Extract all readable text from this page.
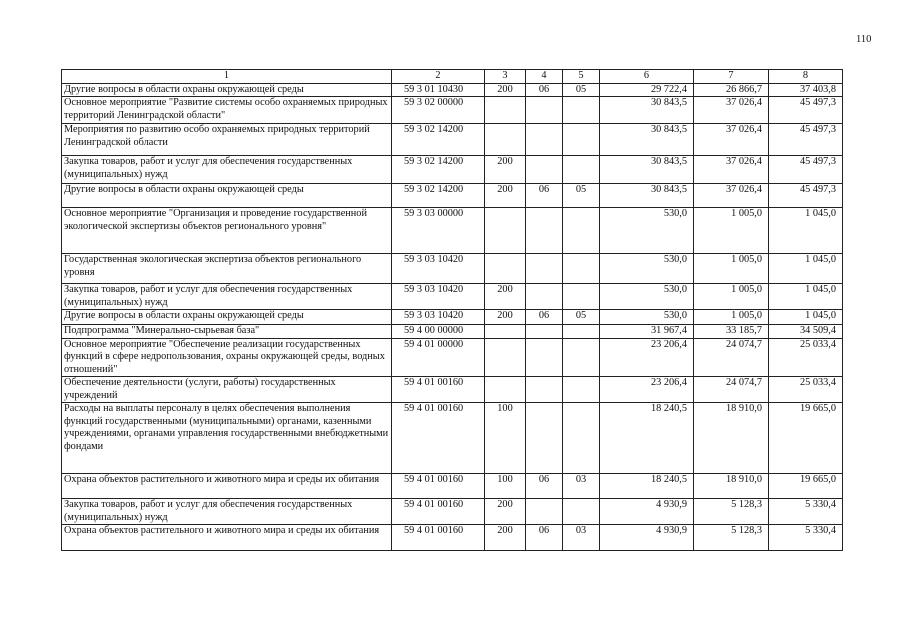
110
1	2	3	4	5	6	7	8
Другие вопросы в области охраны окружающей среды	59 3 01 10430	200	06	05	29 722,4	26 866,7	37 403,8
Основное мероприятие "Развитие системы особо охраняемых природных территорий Ленинградской области"	59 3 02 00000				30 843,5	37 026,4	45 497,3
Мероприятия по развитию особо охраняемых природных территорий Ленинградской области	59 3 02 14200				30 843,5	37 026,4	45 497,3
Закупка товаров, работ и услуг для обеспечения государственных (муниципальных) нужд	59 3 02 14200	200			30 843,5	37 026,4	45 497,3
Другие вопросы в области охраны окружающей среды	59 3 02 14200	200	06	05	30 843,5	37 026,4	45 497,3
Основное мероприятие "Организация и проведение государственной экологической экспертизы объектов регионального уровня"	59 3 03 00000				530,0	1 005,0	1 045,0
Государственная экологическая экспертиза объектов регионального уровня	59 3 03 10420				530,0	1 005,0	1 045,0
Закупка товаров, работ и услуг для обеспечения государственных (муниципальных) нужд	59 3 03 10420	200			530,0	1 005,0	1 045,0
Другие вопросы в области охраны окружающей среды	59 3 03 10420	200	06	05	530,0	1 005,0	1 045,0
Подпрограмма "Минерально-сырьевая база"	59 4 00 00000				31 967,4	33 185,7	34 509,4
Основное мероприятие "Обеспечение реализации государственных функций в сфере недропользования, охраны окружающей среды, водных отношений"	59 4 01 00000				23 206,4	24 074,7	25 033,4
Обеспечение деятельности (услуги, работы) государственных учреждений	59 4 01 00160				23 206,4	24 074,7	25 033,4
Расходы на выплаты персоналу в целях обеспечения выполнения функций государственными (муниципальными) органами, казенными учреждениями, органами управления государственными внебюджетными фондами	59 4 01 00160	100			18 240,5	18 910,0	19 665,0
Охрана объектов растительного и животного мира и среды их обитания	59 4 01 00160	100	06	03	18 240,5	18 910,0	19 665,0
Закупка товаров, работ и услуг для обеспечения государственных (муниципальных) нужд	59 4 01 00160	200			4 930,9	5 128,3	5 330,4
Охрана объектов растительного и животного мира и среды их обитания	59 4 01 00160	200	06	03	4 930,9	5 128,3	5 330,4
